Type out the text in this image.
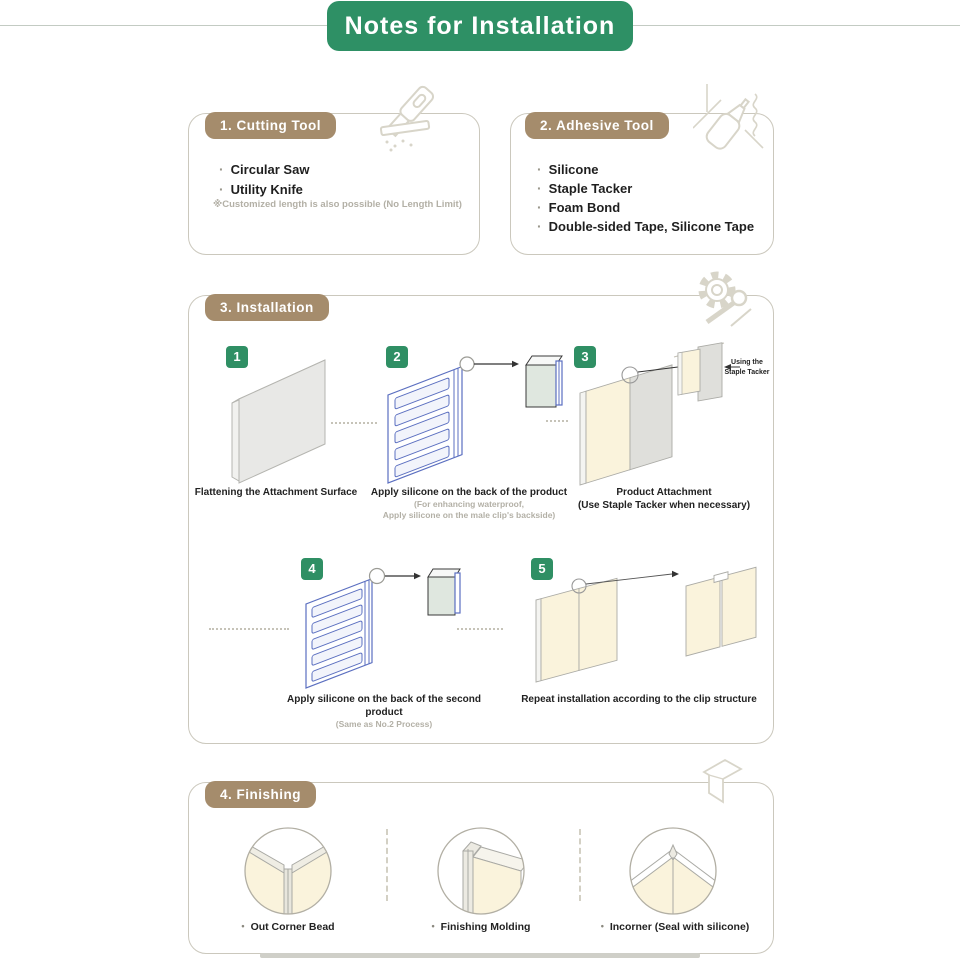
Notes for Installation
1. Cutting Tool
· Circular Saw
· Utility Knife
※Customized length is also possible (No Length Limit)
2. Adhesive Tool
· Silicone
· Staple Tacker
· Foam Bond
· Double-sided Tape, Silicone Tape
3. Installation
1	2	3
4	5
Using the
Staple Tacker
Flattening the Attachment Surface	Apply silicone on the back of the product
(For enhancing waterproof,
Apply silicone on the male clip's backside)
Product Attachment
(Use Staple Tacker when necessary)
Apply silicone on the back of the second product
(Same as No.2 Process)
Repeat installation according to the clip structure
4. Finishing
• Out Corner Bead	• Finishing Molding	• Incorner (Seal with silicone)
